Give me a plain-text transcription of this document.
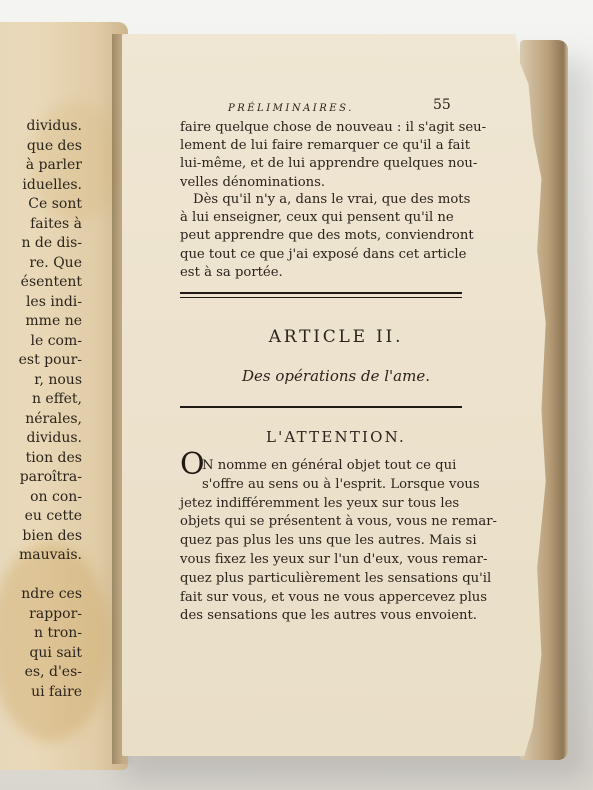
dividus.
que des
à parler
iduelles.
Ce sont
faites à
n de dis-
re. Que
ésentent
les indi-
mme ne
le com-
est pour-
r, nous
n effet,
nérales,
dividus.
tion des
paroîtra-
on con-
eu cette
bien des
mauvais.

ndre ces
rappor-
n tron-
qui sait
es, d'es-
ui faire
PRÉLIMINAIRES.	55
faire quelque chose de nouveau : il s'agit seu-
lement de lui faire remarquer ce qu'il a fait
lui-même, et de lui apprendre quelques nou-
velles dénominations.
Dès qu'il n'y a, dans le vrai, que des mots
à lui enseigner, ceux qui pensent qu'il ne
peut apprendre que des mots, conviendront
que tout ce que j'ai exposé dans cet article
est à sa portée.
ARTICLE II.
Des opérations de l'ame.
L'ATTENTION.
O
N nomme en général objet tout ce qui
s'offre au sens ou à l'esprit. Lorsque vous
jetez indifféremment les yeux sur tous les
objets qui se présentent à vous, vous ne remar-
quez pas plus les uns que les autres. Mais si
vous fixez les yeux sur l'un d'eux, vous remar-
quez plus particulièrement les sensations qu'il
fait sur vous, et vous ne vous appercevez plus
des sensations que les autres vous envoient.
